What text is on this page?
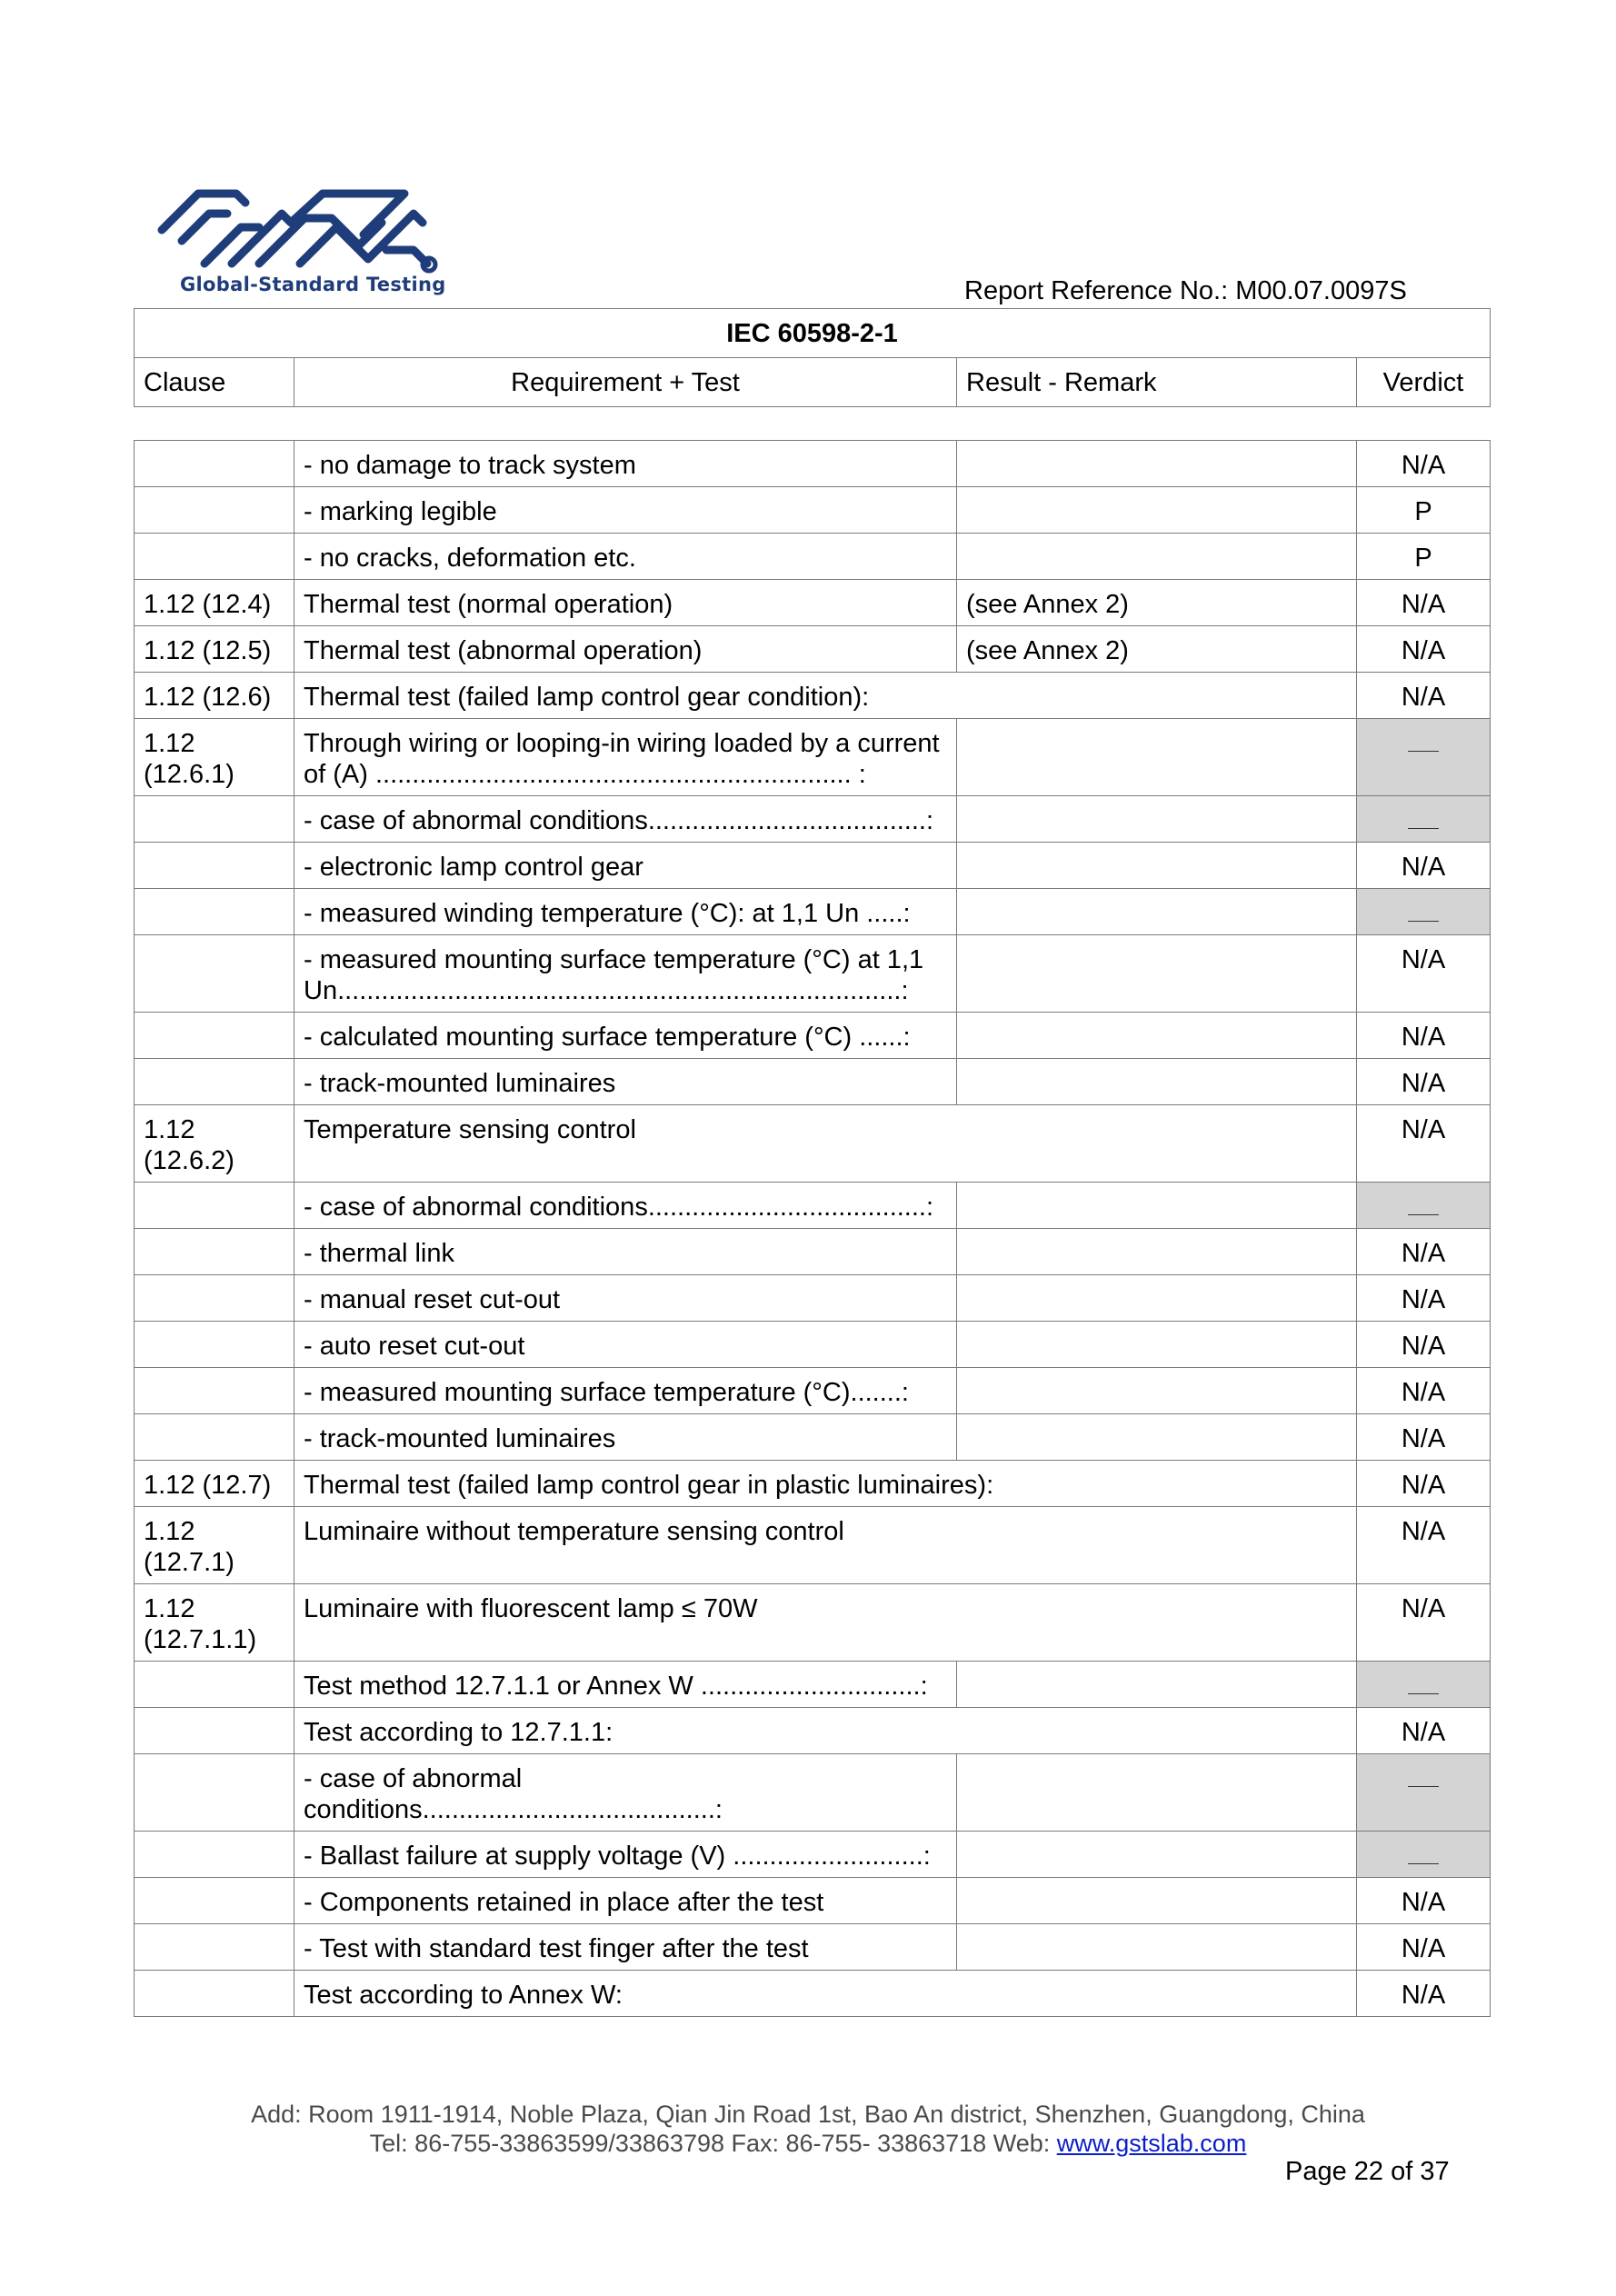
Global-Standard Testing	Report Reference No.: M00.07.0097S
IEC 60598-2-1
Clause	Requirement + Test	Result - Remark	Verdict
	- no damage to track system		N/A
	- marking legible		P
	- no cracks, deformation etc.		P
1.12 (12.4)	Thermal test (normal operation)	(see Annex 2)	N/A
1.12 (12.5)	Thermal test (abnormal operation)	(see Annex 2)	N/A
1.12 (12.6)	Thermal test (failed lamp control gear condition):		N/A
1.12 (12.6.1)	Through wiring or looping-in wiring loaded by a current of (A) ................................................................. :		
	- case of abnormal conditions......................................:		
	- electronic lamp control gear		N/A
	- measured winding temperature (°C): at 1,1 Un .....:		
	- measured mounting surface temperature (°C) at 1,1 Un.............................................................................:		N/A
	- calculated mounting surface temperature (°C) ......:		N/A
	- track-mounted luminaires		N/A
1.12 (12.6.2)	Temperature sensing control		N/A
	- case of abnormal conditions......................................:		
	- thermal link		N/A
	- manual reset cut-out		N/A
	- auto reset cut-out		N/A
	- measured mounting surface temperature (°C).......:		N/A
	- track-mounted luminaires		N/A
1.12 (12.7)	Thermal test (failed lamp control gear in plastic luminaires):		N/A
1.12 (12.7.1)	Luminaire without temperature sensing control		N/A
1.12 (12.7.1.1)	Luminaire with fluorescent lamp ≤ 70W		N/A
	Test method 12.7.1.1 or Annex W ..............................:		
	Test according to 12.7.1.1:		N/A
	- case of abnormal conditions........................................:		
	- Ballast failure at supply voltage (V) ..........................:		
	- Components retained in place after the test		N/A
	- Test with standard test finger after the test		N/A
	Test according to Annex W:		N/A
Add: Room 1911-1914, Noble Plaza, Qian Jin Road 1st, Bao An district, Shenzhen, Guangdong, China
Tel: 86-755-33863599/33863798 Fax: 86-755- 33863718 Web: www.gstslab.com
Page 22 of 37
